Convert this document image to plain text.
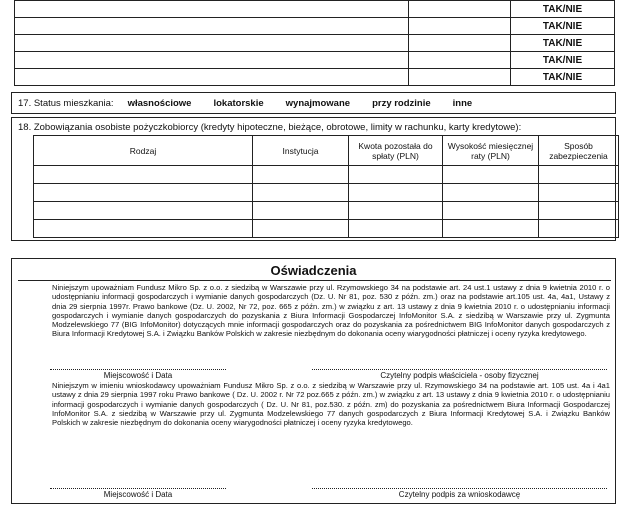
		TAK/NIE
		TAK/NIE
		TAK/NIE
		TAK/NIE
		TAK/NIE
17. Status mieszkania: własnościowe lokatorskie wynajmowane przy rodzinie inne
18. Zobowiązania osobiste pożyczkobiorcy (kredyty hipoteczne, bieżące, obrotowe, limity w rachunku, karty kredytowe):
Rodzaj	Instytucja	Kwota pozostała do spłaty (PLN)	Wysokość miesięcznej raty (PLN)	Sposób zabezpieczenia

Oświadczenia
Niniejszym upoważniam Fundusz Mikro Sp. z o.o. z siedzibą w Warszawie przy ul. Rzymowskiego 34 na podstawie art. 24 ust.1 ustawy z dnia 9 kwietnia 2010 r. o udostępnianiu informacji gospodarczych i wymianie danych gospodarczych (Dz. U. Nr 81, poz. 530 z późn. zm.) oraz na podstawie art.105 ust. 4a, 4a1, Ustawy z dnia 29 sierpnia 1997r. Prawo bankowe (Dz. U. 2002, Nr 72, poz. 665 z późn. zm.) w związku z art. 13 ustawy z dnia 9 kwietnia 2010 r. o udostępnianiu informacji gospodarczych i wymianie danych gospodarczych do pozyskania z Biura Informacji Gospodarczej InfoMonitor S.A. z siedzibą w Warszawie przy ul. Zygmunta Modzelewskiego 77 (BIG InfoMonitor) dotyczących mnie informacji gospodarczych oraz do pozyskania za pośrednictwem BIG InfoMonitor danych gospodarczych z Biura Informacji Kredytowej S.A. i Związku Banków Polskich w zakresie niezbędnym do dokonania oceny wiarygodności płatniczej i oceny ryzyka kredytowego.
Miejscowość i Data	Czytelny podpis właściciela - osoby fizycznej
Niniejszym w imieniu wnioskodawcy upoważniam Fundusz Mikro Sp. z o.o. z siedzibą w Warszawie przy ul. Rzymowskiego 34 na podstawie art. 105 ust. 4a i 4a1 ustawy z dnia 29 sierpnia 1997 roku Prawo bankowe ( Dz. U. 2002 r. Nr 72 poz.665 z późn. zm.) w związku z art. 13 ustawy z dnia 9 kwietnia 2010 r. o udostępnianiu informacji gospodarczych i wymianie danych gospodarczych ( Dz. U. Nr 81, poz.530. z późn. zm) do pozyskania za pośrednictwem Biura Informacji Gospodarczej InfoMonitor S.A. z siedzibą w Warszawie przy ul. Zygmunta Modzelewskiego 77 danych gospodarczych z Biura Informacji Kredytowej S.A. i Związku Banków Polskich w zakresie niezbędnym do dokonania oceny wiarygodności płatniczej i oceny ryzyka kredytowego.
Miejscowość i Data	Czytelny podpis za wnioskodawcę
